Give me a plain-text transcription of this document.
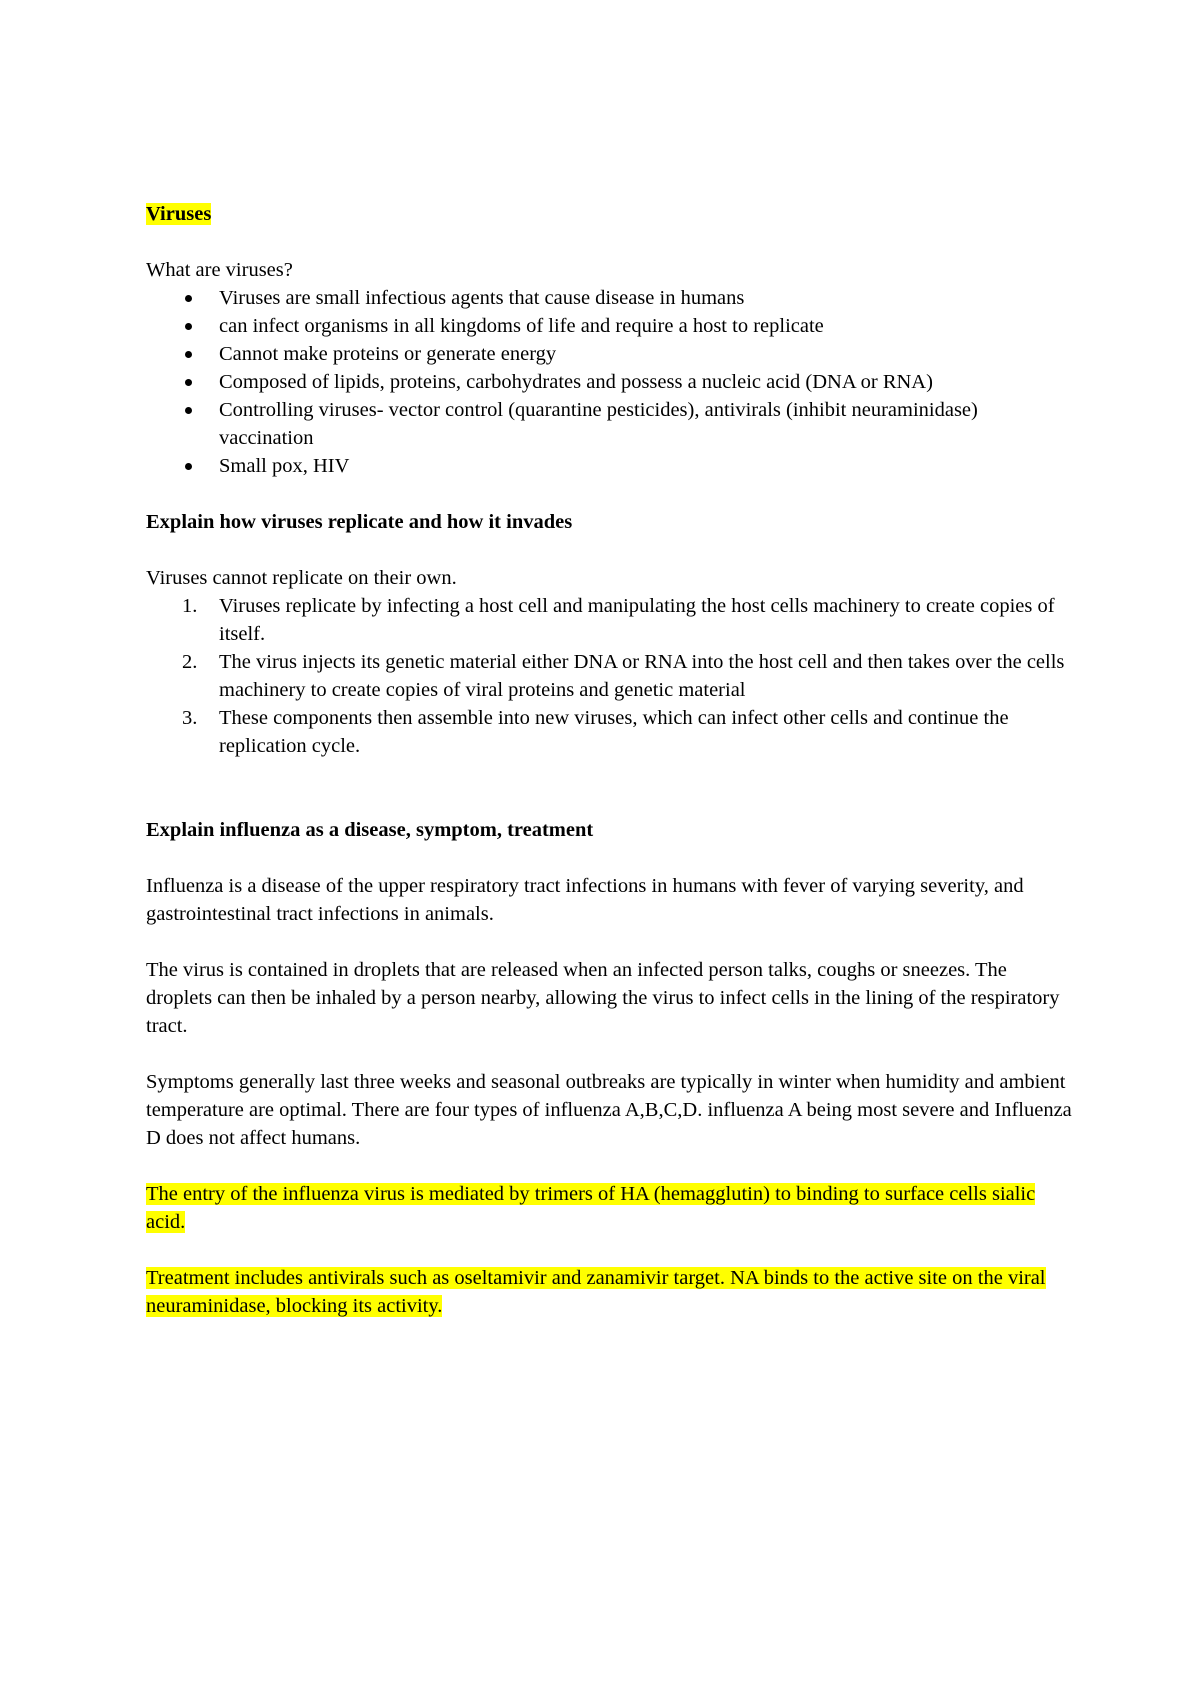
Viruses

What are viruses?

Viruses are small infectious agents that cause disease in humans
can infect organisms in all kingdoms of life and require a host to replicate
Cannot make proteins or generate energy
Composed of lipids, proteins, carbohydrates and possess a nucleic acid (DNA or RNA)
Controlling viruses- vector control (quarantine pesticides), antivirals (inhibit neuraminidase) vaccination
Small pox, HIV

Explain how viruses replicate and how it invades

Viruses cannot replicate on their own.

1. Viruses replicate by infecting a host cell and manipulating the host cells machinery to create copies of itself.
2. The virus injects its genetic material either DNA or RNA into the host cell and then takes over the cells machinery to create copies of viral proteins and genetic material
3. These components then assemble into new viruses, which can infect other cells and continue the replication cycle.

Explain influenza as a disease, symptom, treatment

Influenza is a disease of the upper respiratory tract infections in humans with fever of varying severity, and gastrointestinal tract infections in animals.

The virus is contained in droplets that are released when an infected person talks, coughs or sneezes. The droplets can then be inhaled by a person nearby, allowing the virus to infect cells in the lining of the respiratory tract.

Symptoms generally last three weeks and seasonal outbreaks are typically in winter when humidity and ambient temperature are optimal. There are four types of influenza A,B,C,D. influenza A being most severe and Influenza D does not affect humans.

The entry of the influenza virus is mediated by trimers of HA (hemagglutin) to binding to surface cells sialic acid.

Treatment includes antivirals such as oseltamivir and zanamivir target. NA binds to the active site on the viral neuraminidase, blocking its activity.
